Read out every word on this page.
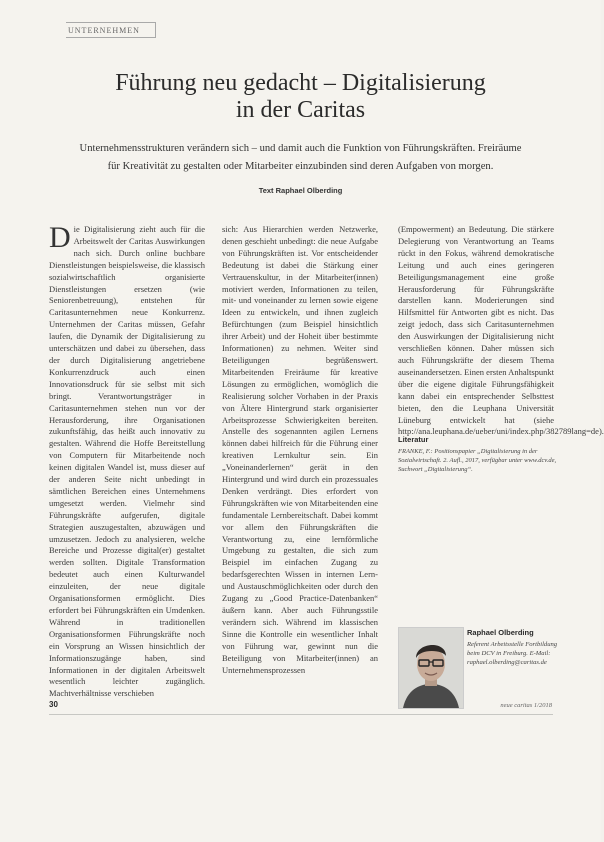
UNTERNEHMEN
Führung neu gedacht – Digitalisierung
in der Caritas
Unternehmensstrukturen verändern sich – und damit auch die Funktion von Führungskräften. Freiräume
für Kreativität zu gestalten oder Mitarbeiter einzubinden sind deren Aufgaben von morgen.
Text Raphael Olberding
D ie Digitalisierung zieht auch für die Arbeitswelt der Caritas Auswirkungen nach sich. Durch online buchbare Dienstleistungen beispielsweise, die klassisch sozialwirtschaftlich organisierte Dienstleistungen ersetzen (wie Seniorenbetreuung), entstehen für Caritasunternehmen neue Konkurrenz. Unternehmen der Caritas müssen, Gefahr laufen, die Dynamik der Digitalisierung zu unterschätzen und dabei zu übersehen, dass der durch Digitalisierung angetriebene Konkurrenzdruck auch einen Innovationsdruck für sie selbst mit sich bringt. Verantwortungsträger in Caritasunternehmen stehen nun vor der Herausforderung, ihre Organisationen zukunftsfähig, das heißt auch innovativ zu gestalten. Während die Hoffe Bereitstellung von Computern für Mitarbeitende noch keinen digitalen Wandel ist, muss dieser auf der anderen Seite nicht unbedingt in sämtlichen Bereichen eines Unternehmens umgesetzt werden. Vielmehr sind Führungskräfte aufgerufen, digitale Strategien auszugestalten, abzuwägen und umzusetzen. Jedoch zu analysieren, welche Bereiche und Prozesse digital(er) gestaltet werden sollten. Digitale Transformation bedeutet auch einen Kulturwandel einzuleiten, der neue digitale Organisationsformen ermöglicht. Dies erfordert bei Führungskräften ein Umdenken. Während in traditionellen Organisationsformen Führungskräfte noch ein Vorsprung an Wissen hinsichtlich der Informationszugänge haben, sind Informationen in der digitalen Arbeitswelt wesentlich leichter zugänglich. Machtverhältnisse verschieben

sich: Aus Hierarchien werden Netzwerke, denen geschieht unbedingt: die neue Aufgabe von Führungskräften ist. Vor entscheidender Bedeutung ist dabei die Stärkung einer Vertrauenskultur, in der Mitarbeiter(innen) motiviert werden, Informationen zu teilen, mit- und voneinander zu lernen sowie eigene Ideen zu entwickeln, und ihnen zugleich Befürchtungen (zum Beispiel hinsichtlich ihrer Arbeit) und der Hoheit über bestimmte Informationen) zu nehmen. Weiter sind Beteiligungen begrüßenswert. Mitarbeitenden Freiräume für kreative Lösungen zu ermöglichen, womöglich die Realisierung solcher Vorhaben in der Praxis von Ältere Hintergrund stark organisierter Arbeitsprozesse Schwierigkeiten bereiten. Anstelle des sogenannten agilen Lernens können dabei hilfreich für die Führung einer kreativen Lernkultur sein. Ein „Voneinanderlernen“ gerät in den Hintergrund und wird durch ein prozessuales Denken verdrängt. Dies erfordert von Führungskräften wie von Mitarbeitenden eine fundamentale Lernbereitschaft. Dabei kommt vor allem den Führungskräften die Verantwortung zu, eine lernförmliche Umgebung zu gestalten, die sich zum Beispiel im einfachen Zugang zu bedarfsgerechten Wissen in internen Lern- und Austauschmöglichkeiten oder durch den Zugang zu „Good Practice-Datenbanken“ äußern kann. Aber auch Führungsstile verändern sich. Während im klassischen Sinne die Kontrolle ein wesentlicher Inhalt von Führung war, gewinnt nun die Beteiligung von Mitarbeiter(innen) an Unternehmensprozessen

(Empowerment) an Bedeutung. Die stärkere Delegierung von Verantwortung an Teams rückt in den Fokus, während demokratische Leitung und auch eines geringeren Beteiligungsmanagement eine große Herausforderung für Führungskräfte darstellen kann. Moderierungen sind Hilfsmittel für Antworten gibt es nicht. Das zeigt jedoch, dass sich Caritasunternehmen den Auswirkungen der Digitalisierung nicht verschließen können. Daher müssen sich auch Führungskräfte der diesem Thema auseinandersetzen. Einen ersten Anhaltspunkt über die eigene digitale Führungsfähigkeit kann dabei ein entsprechender Selbsttest bieten, den die Leuphana Universität Lüneburg entwickelt hat (siehe http://ana.leuphana.de/ueber/uni/index.php/382789lang=de).

Literatur
FRANKE, F.: Positionspapier „Digitalisierung in der Sozialwirtschaft. 2. Aufl., 2017, verfügbar unter www.dcv.de, Suchwort „Digitalisierung“.
Raphael Olberding
Referent Arbeitsstelle Fortbildung beim DCV in Freiburg. E-Mail: raphael.olberding@caritas.de
30	neue caritas 1/2018
